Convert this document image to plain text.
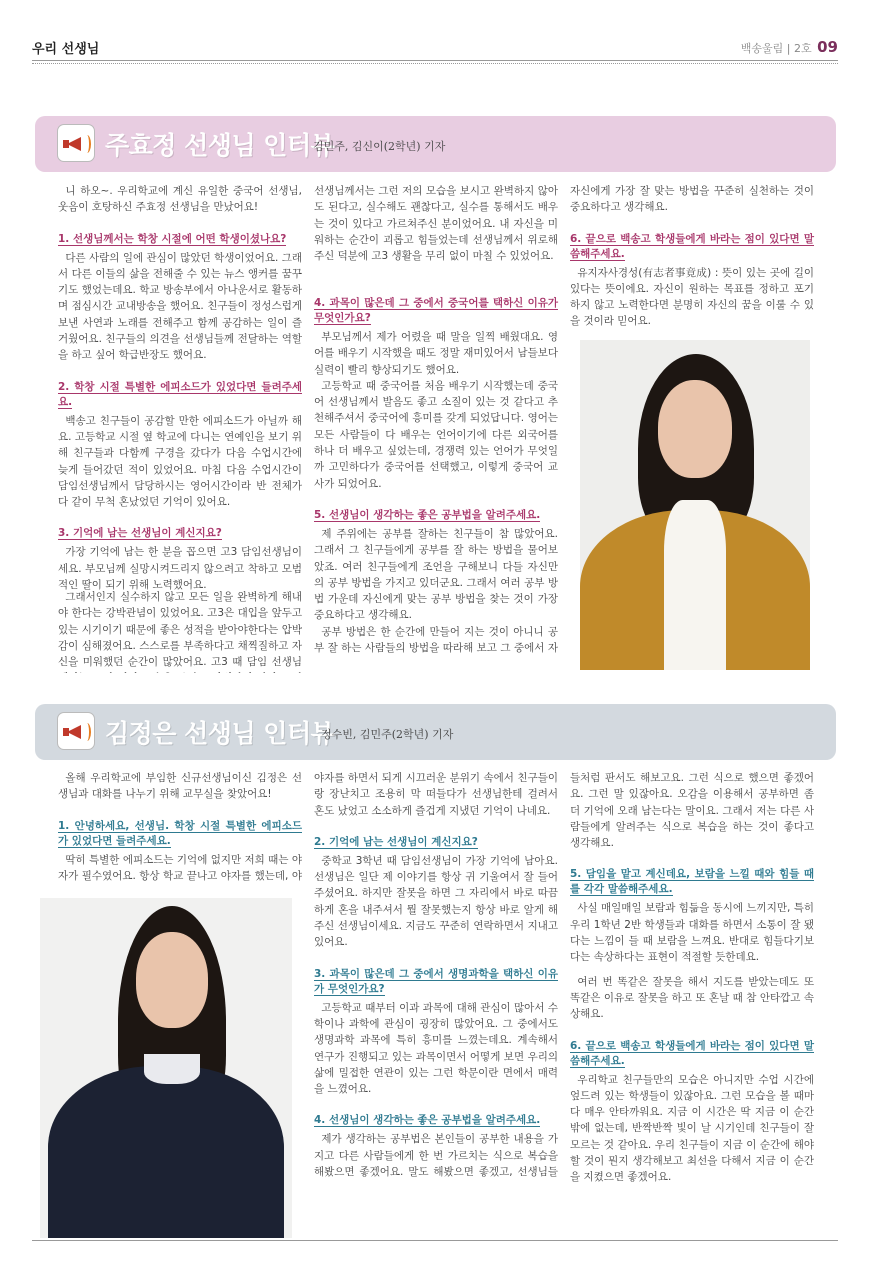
우리 선생님	백송울림 | 2호 09
주효정 선생님 인터뷰
김민주, 김신이(2학년) 기자

니 하오~. 우리학교에 계신 유일한 중국어 선생님, 웃음이 호탕하신 주효정 선생님을 만났어요!

1. 선생님께서는 학창 시절에 어떤 학생이셨나요?

다른 사람의 일에 관심이 많았던 학생이었어요. 그래서 다른 이들의 삶을 전해줄 수 있는 뉴스 앵커를 꿈꾸기도 했었는데요. 학교 방송부에서 아나운서로 활동하며 점심시간 교내방송을 했어요. 친구들이 정성스럽게 보낸 사연과 노래를 전해주고 함께 공감하는 일이 즐거웠어요. 친구들의 의견을 선생님들께 전달하는 역할을 하고 싶어 학급반장도 했어요.

2. 학창 시절 특별한 에피소드가 있었다면 들려주세요.

백송고 친구들이 공감할 만한 에피소드가 아닐까 해요. 고등학교 시절 옆 학교에 다니는 연예인을 보기 위해 친구들과 다함께 구경을 갔다가 다음 수업시간에 늦게 들어갔던 적이 있었어요. 마침 다음 수업시간이 담임선생님께서 담당하시는 영어시간이라 반 전체가 다 같이 무척 혼났었던 기억이 있어요.

3. 기억에 남는 선생님이 계신지요?

가장 기억에 남는 한 분을 꼽으면 고3 담임선생님이세요. 부모님께 실망시켜드리지 않으려고 착하고 모범적인 딸이 되기 위해 노력했어요.

그래서인지 실수하지 않고 모든 일을 완벽하게 해내야 한다는 강박관념이 있었어요. 고3은 대입을 앞두고 있는 시기이기 때문에 좋은 성적을 받아야한다는 압박감이 심해졌어요. 스스로를 부족하다고 채찍질하고 자신을 미워했던 순간이 많았어요. 고3 때 담임 선생님

선생님께서는 그런 저의 모습을 보시고 완벽하지 않아도 된다고, 실수해도 괜찮다고, 실수를 통해서도 배우는 것이 있다고 가르쳐주신 분이었어요. 내 자신을 미워하는 순간이 괴롭고 힘들었는데 선생님께서 위로해주신 덕분에 고3 생활을 무리 없이 마칠 수 있었어요.

4. 과목이 많은데 그 중에서 중국어를 택하신 이유가 무엇인가요?

부모님께서 제가 어렸을 때 말을 일찍 배웠대요. 영어를 배우기 시작했을 때도 정말 재미있어서 남들보다 실력이 빨리 향상되기도 했어요.

고등학교 때 중국어를 처음 배우기 시작했는데 중국어 선생님께서 발음도 좋고 소질이 있는 것 같다고 추천해주셔서 중국어에 흥미를 갖게 되었답니다. 영어는 모든 사람들이 다 배우는 언어이기에 다른 외국어를 하나 더 배우고 싶었는데, 경쟁력 있는 언어가 무엇일까 고민하다가 중국어를 선택했고, 이렇게 중국어 교사가 되었어요.

5. 선생님이 생각하는 좋은 공부법을 알려주세요.

제 주위에는 공부를 잘하는 친구들이 참 많았어요. 그래서 그 친구들에게 공부를 잘 하는 방법을 물어보았죠. 여러 친구들에게 조언을 구해보니 다들 자신만의 공부 방법을 가지고 있더군요. 그래서 여러 공부 방법 가운데 자신에게 맞는 공부 방법을 찾는 것이 가장 중요하다고 생각해요.

공부 방법은 한 순간에 만들어 지는 것이 아니니 공부 잘 하는 사람들의 방법을 따라해 보고 그 중에서 자

자신에게 가장 잘 맞는 방법을 꾸준히 실천하는 것이 중요하다고 생각해요.

6. 끝으로 백송고 학생들에게 바라는 점이 있다면 말씀해주세요.

유지자사경성(有志者事竟成) : 뜻이 있는 곳에 길이 있다는 뜻이에요. 자신이 원하는 목표를 정하고 포기하지 않고 노력한다면 분명히 자신의 꿈을 이룰 수 있을 것이라 믿어요.

김정은 선생님 인터뷰
정수빈, 김민주(2학년) 기자

올해 우리학교에 부임한 신규선생님이신 김정은 선생님과 대화를 나누기 위해 교무실을 찾았어요!

1. 안녕하세요, 선생님. 학창 시절 특별한 에피소드가 있었다면 들려주세요.

딱히 특별한 에피소드는 기억에 없지만 저희 때는 야자가 필수였어요. 항상 학교 끝나고 야자를 했는데, 야

야자를 하면서 되게 시끄러운 분위기 속에서 친구들이랑 장난치고 조용히 막 떠들다가 선생님한테 걸려서 혼도 났었고 소소하게 즐겁게 지냈던 기억이 나네요.

2. 기억에 남는 선생님이 계신지요?

중학교 3학년 때 담임선생님이 가장 기억에 남아요. 선생님은 일단 제 이야기를 항상 귀 기울여서 잘 들어주셨어요. 하지만 잘못을 하면 그 자리에서 바로 따끔하게 혼을 내주셔서 뭘 잘못했는지 항상 바로 알게 해주신 선생님이세요. 지금도 꾸준히 연락하면서 지내고 있어요.

3. 과목이 많은데 그 중에서 생명과학을 택하신 이유가 무엇인가요?

고등학교 때부터 이과 과목에 대해 관심이 많아서 수학이나 과학에 관심이 굉장히 많았어요. 그 중에서도 생명과학 과목에 특히 흥미를 느꼈는데요. 계속해서 연구가 진행되고 있는 과목이면서 어떻게 보면 우리의 삶에 밀접한 연관이 있는 그런 학문이란 면에서 매력을 느꼈어요.

4. 선생님이 생각하는 좋은 공부법을 알려주세요.

제가 생각하는 공부법은 본인들이 공부한 내용을 가지고 다른 사람들에게 한 번 가르치는 식으로 복습을 해봤으면 좋겠어요. 말도 해봤으면 좋겠고, 선생님들

들처럼 판서도 해보고요. 그런 식으로 했으면 좋겠어요. 그런 말 있잖아요. 오감을 이용해서 공부하면 좀 더 기억에 오래 남는다는 말이요. 그래서 저는 다른 사람들에게 알려주는 식으로 복습을 하는 것이 좋다고 생각해요.

5. 담임을 맡고 계신데요, 보람을 느낄 때와 힘들 때를 각각 말씀해주세요.

사실 매일매일 보람과 힘듦을 동시에 느끼지만, 특히 우리 1학년 2반 학생들과 대화를 하면서 소통이 잘 됐다는 느낌이 들 때 보람을 느껴요. 반대로 힘들다기보다는 속상하다는 표현이 적절할 듯한데요.

여러 번 똑같은 잘못을 해서 지도를 받았는데도 또 똑같은 이유로 잘못을 하고 또 혼날 때 참 안타깝고 속상해요.

6. 끝으로 백송고 학생들에게 바라는 점이 있다면 말씀해주세요.

우리학교 친구들만의 모습은 아니지만 수업 시간에 엎드려 있는 학생들이 있잖아요. 그런 모습을 볼 때마다 매우 안타까워요. 지금 이 시간은 딱 지금 이 순간밖에 없는데, 반짝반짝 빛이 날 시기인데 친구들이 잘 모르는 것 같아요. 우리 친구들이 지금 이 순간에 해야 할 것이 뭔지 생각해보고 최선을 다해서 지금 이 순간을 지켰으면 좋겠어요.
